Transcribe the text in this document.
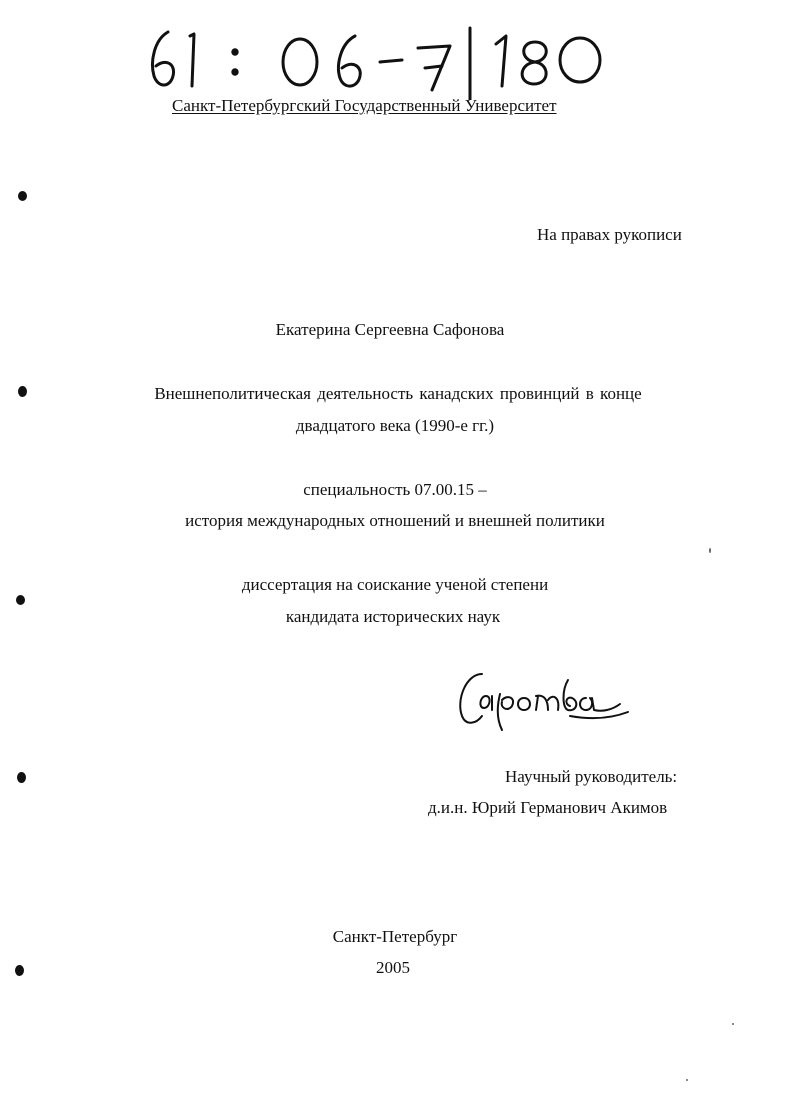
61: 06-7/180
Санкт-Петербургский Государственный Университет
На правах рукописи
Екатерина Сергеевна Сафонова
Внешнеполитическая деятельность канадских провинций в конце
двадцатого века (1990-е гг.)
специальность 07.00.15 –
история международных отношений и внешней политики
диссертация на соискание ученой степени
кандидата исторических наук
Сафонова
Научный руководитель:
д.и.н. Юрий Германович Акимов
Санкт-Петербург
2005
